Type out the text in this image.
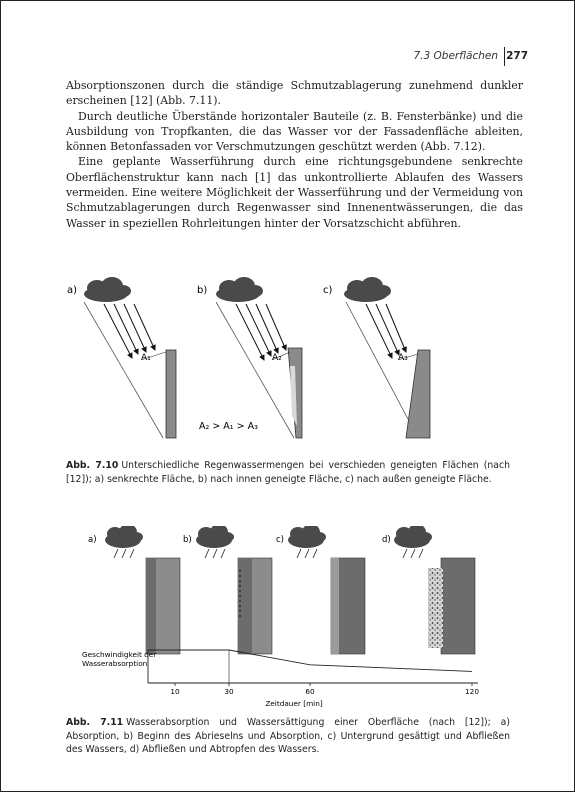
7.3 Oberflächen 277

Absorptionszonen durch die ständige Schmutzablagerung zunehmend dunkler erscheinen [12] (Abb. 7.11).

Durch deutliche Überstände horizontaler Bauteile (z. B. Fensterbänke) und die Ausbildung von Tropfkanten, die das Wasser vor der Fassadenfläche ableiten, können Betonfassaden vor Verschmutzungen geschützt werden (Abb. 7.12).

Eine geplante Wasserführung durch eine richtungsgebundene senkrechte Oberflächenstruktur kann nach [1] das unkontrollierte Ablaufen des Wassers vermeiden. Eine weitere Möglichkeit der Wasserführung und der Vermeidung von Schmutzablagerungen durch Regenwasser sind Innenentwässerungen, die das Wasser in speziellen Rohrleitungen hinter der Vorsatzschicht abführen.

a)
A₁
b)
A₂
c)
A₃
A₂ > A₁ > A₃
Abb. 7.10 Unterschiedliche Regenwassermengen bei verschieden geneigten Flächen (nach [12]); a) senkrechte Fläche, b) nach innen geneigte Fläche, c) nach außen geneigte Fläche.
a)	b)	c)	d)
Geschwindigkeit der
Wasserabsorption
10	30	60	120
Zeitdauer [min]
Abb. 7.11 Wasserabsorption und Wassersättigung einer Oberfläche (nach [12]); a) Absorption, b) Beginn des Abrieselns und Absorption, c) Untergrund gesättigt und Abfließen des Wassers, d) Abfließen und Abtropfen des Wassers.
